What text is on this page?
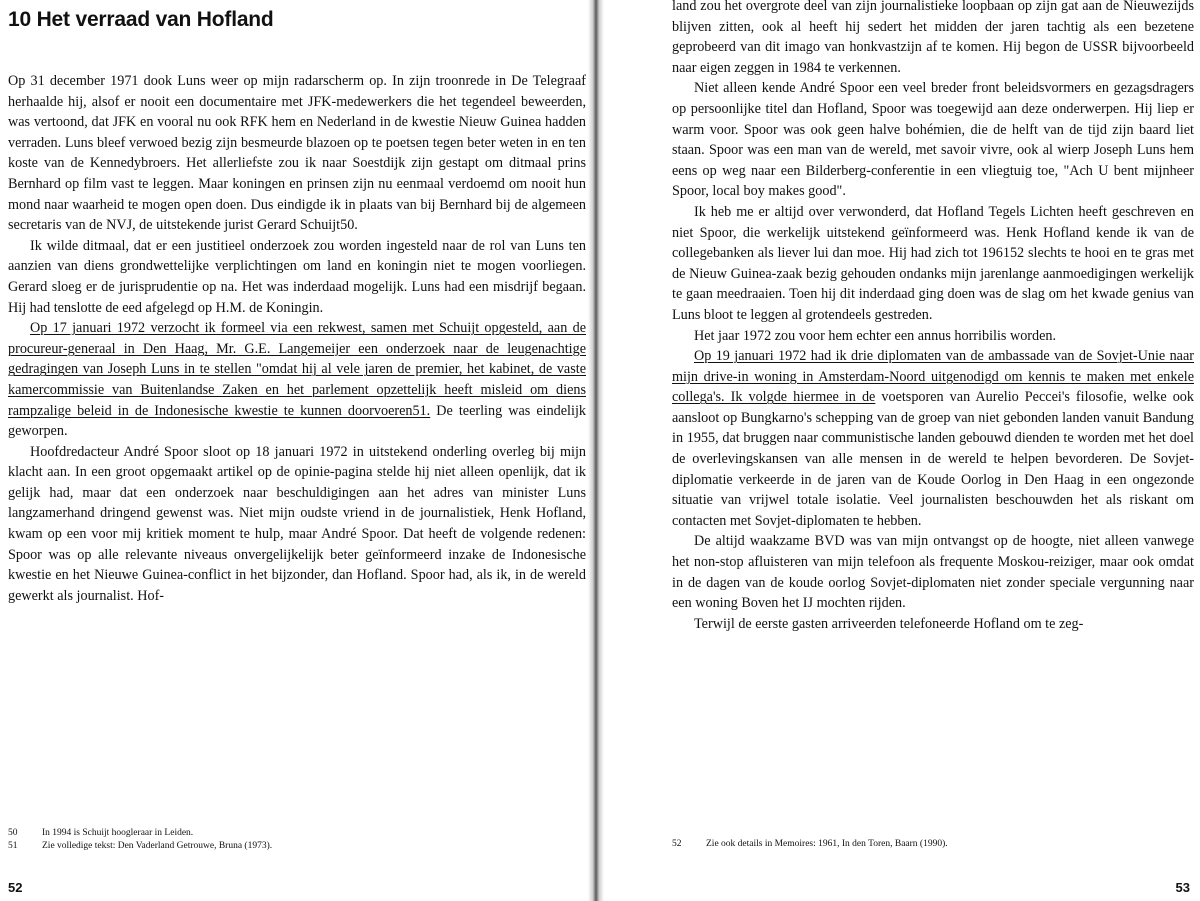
10 Het verraad van Hofland

Op 31 december 1971 dook Luns weer op mijn radarscherm op. In zijn troonrede in De Telegraaf herhaalde hij, alsof er nooit een documentaire met JFK-medewerkers die het tegendeel beweerden, was vertoond, dat JFK en vooral nu ook RFK hem en Nederland in de kwestie Nieuw Guinea hadden verraden. Luns bleef verwoed bezig zijn besmeurde blazoen op te poetsen tegen beter weten in en ten koste van de Kennedybroers. Het allerliefste zou ik naar Soestdijk zijn gestapt om ditmaal prins Bernhard op film vast te leggen. Maar koningen en prinsen zijn nu eenmaal verdoemd om nooit hun mond naar waarheid te mogen open doen. Dus eindigde ik in plaats van bij Bernhard bij de algemeen secretaris van de NVJ, de uitstekende jurist Gerard Schuijt50.

Ik wilde ditmaal, dat er een justitieel onderzoek zou worden ingesteld naar de rol van Luns ten aanzien van diens grondwettelijke verplichtingen om land en koningin niet te mogen voorliegen. Gerard sloeg er de jurisprudentie op na. Het was inderdaad mogelijk. Luns had een misdrijf begaan. Hij had tenslotte de eed afgelegd op H.M. de Koningin.

Op 17 januari 1972 verzocht ik formeel via een rekwest, samen met Schuijt opgesteld, aan de procureur-generaal in Den Haag, Mr. G.E. Langemeijer een onderzoek naar de leugenachtige gedragingen van Joseph Luns in te stellen "omdat hij al vele jaren de premier, het kabinet, de vaste kamercommissie van Buitenlandse Zaken en het parlement opzettelijk heeft misleid om diens rampzalige beleid in de Indonesische kwestie te kunnen doorvoeren51. De teerling was eindelijk geworpen.

Hoofdredacteur André Spoor sloot op 18 januari 1972 in uitstekend onderling overleg bij mijn klacht aan. In een groot opgemaakt artikel op de opinie-pagina stelde hij niet alleen openlijk, dat ik gelijk had, maar dat een onderzoek naar beschuldigingen aan het adres van minister Luns langzamerhand dringend gewenst was. Niet mijn oudste vriend in de journalistiek, Henk Hofland, kwam op een voor mij kritiek moment te hulp, maar André Spoor. Dat heeft de volgende redenen: Spoor was op alle relevante niveaus onvergelijkelijk beter geïnformeerd inzake de Indonesische kwestie en het Nieuwe Guinea-conflict in het bijzonder, dan Hofland. Spoor had, als ik, in de wereld gewerkt als journalist. Hof-

50	In 1994 is Schuijt hoogleraar in Leiden.
51	Zie volledige tekst: Den Vaderland Getrouwe, Bruna (1973).
52

land zou het overgrote deel van zijn journalistieke loopbaan op zijn gat aan de Nieuwezijds blijven zitten, ook al heeft hij sedert het midden der jaren tachtig als een bezetene geprobeerd van dit imago van honkvastzijn af te komen. Hij begon de USSR bijvoorbeeld naar eigen zeggen in 1984 te verkennen.

Niet alleen kende André Spoor een veel breder front beleidsvormers en gezagsdragers op persoonlijke titel dan Hofland, Spoor was toegewijd aan deze onderwerpen. Hij liep er warm voor. Spoor was ook geen halve bohémien, die de helft van de tijd zijn baard liet staan. Spoor was een man van de wereld, met savoir vivre, ook al wierp Joseph Luns hem eens op weg naar een Bilderberg-conferentie in een vliegtuig toe, "Ach U bent mijnheer Spoor, local boy makes good".

Ik heb me er altijd over verwonderd, dat Hofland Tegels Lichten heeft geschreven en niet Spoor, die werkelijk uitstekend geïnformeerd was. Henk Hofland kende ik van de collegebanken als liever lui dan moe. Hij had zich tot 196152 slechts te hooi en te gras met de Nieuw Guinea-zaak bezig gehouden ondanks mijn jarenlange aanmoedigingen werkelijk te gaan meedraaien. Toen hij dit inderdaad ging doen was de slag om het kwade genius van Luns bloot te leggen al grotendeels gestreden.

Het jaar 1972 zou voor hem echter een annus horribilis worden.

Op 19 januari 1972 had ik drie diplomaten van de ambassade van de Sovjet-Unie naar mijn drive-in woning in Amsterdam-Noord uitgenodigd om kennis te maken met enkele collega's. Ik volgde hiermee in de voetsporen van Aurelio Peccei's filosofie, welke ook aansloot op Bungkarno's schepping van de groep van niet gebonden landen vanuit Bandung in 1955, dat bruggen naar communistische landen gebouwd dienden te worden met het doel de overlevingskansen van alle mensen in de wereld te helpen bevorderen. De Sovjet-diplomatie verkeerde in de jaren van de Koude Oorlog in Den Haag in een ongezonde situatie van vrijwel totale isolatie. Veel journalisten beschouwden het als riskant om contacten met Sovjet-diplomaten te hebben.

De altijd waakzame BVD was van mijn ontvangst op de hoogte, niet alleen vanwege het non-stop afluisteren van mijn telefoon als frequente Moskou-reiziger, maar ook omdat in de dagen van de koude oorlog Sovjet-diplomaten niet zonder speciale vergunning naar een woning Boven het IJ mochten rijden.

Terwijl de eerste gasten arriveerden telefoneerde Hofland om te zeg-

52	Zie ook details in Memoires: 1961, In den Toren, Baarn (1990).
53
